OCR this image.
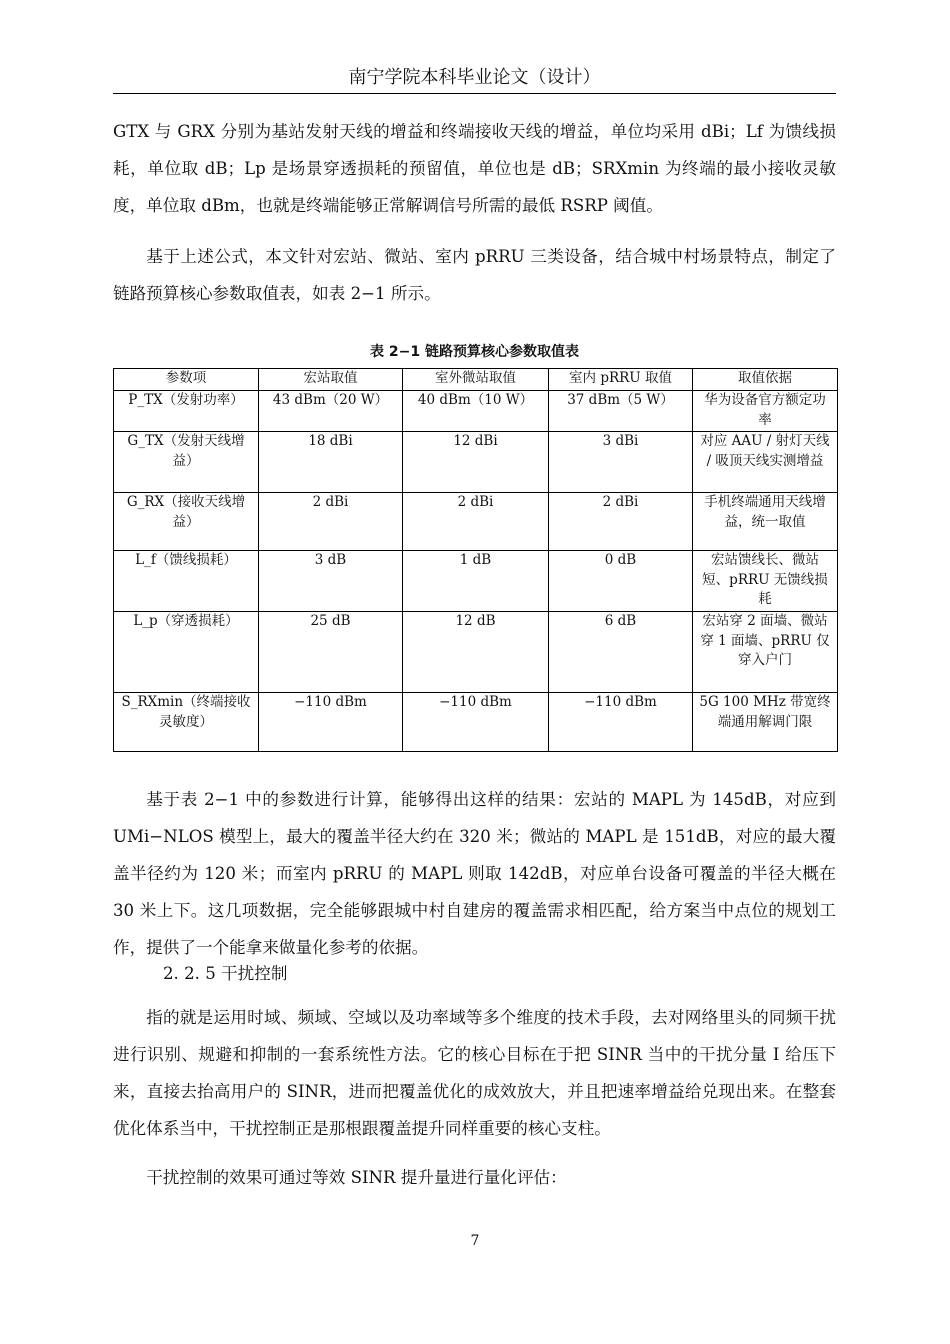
南宁学院本科毕业论文（设计）

GTX 与 GRX 分别为基站发射天线的增益和终端接收天线的增益，单位均采用 dBi；Lf 为馈线损耗，单位取 dB；Lp 是场景穿透损耗的预留值，单位也是 dB；SRXmin 为终端的最小接收灵敏度，单位取 dBm，也就是终端能够正常解调信号所需的最低 RSRP 阈值。

基于上述公式，本文针对宏站、微站、室内 pRRU 三类设备，结合城中村场景特点，制定了链路预算核心参数取值表，如表 2−1 所示。

表 2−1 链路预算核心参数取值表
参数项	宏站取值	室外微站取值	室内 pRRU 取值	取值依据
P_TX（发射功率）	43 dBm（20 W）	40 dBm（10 W）	37 dBm（5 W）	华为设备官方额定功率
G_TX（发射天线增益）	18 dBi	12 dBi	3 dBi	对应 AAU / 射灯天线 / 吸顶天线实测增益
G_RX（接收天线增益）	2 dBi	2 dBi	2 dBi	手机终端通用天线增益，统一取值
L_f（馈线损耗）	3 dB	1 dB	0 dB	宏站馈线长、微站短、pRRU 无馈线损耗
L_p（穿透损耗）	25 dB	12 dB	6 dB	宏站穿 2 面墙、微站穿 1 面墙、pRRU 仅穿入户门
S_RXmin（终端接收灵敏度）	−110 dBm	−110 dBm	−110 dBm	5G 100 MHz 带宽终端通用解调门限

基于表 2−1 中的参数进行计算，能够得出这样的结果：宏站的 MAPL 为 145dB，对应到 UMi−NLOS 模型上，最大的覆盖半径大约在 320 米；微站的 MAPL 是 151dB，对应的最大覆盖半径约为 120 米；而室内 pRRU 的 MAPL 则取 142dB，对应单台设备可覆盖的半径大概在 30 米上下。这几项数据，完全能够跟城中村自建房的覆盖需求相匹配，给方案当中点位的规划工作，提供了一个能拿来做量化参考的依据。

2. 2. 5 干扰控制

指的就是运用时域、频域、空域以及功率域等多个维度的技术手段，去对网络里头的同频干扰进行识别、规避和抑制的一套系统性方法。它的核心目标在于把 SINR 当中的干扰分量 I 给压下来，直接去抬高用户的 SINR，进而把覆盖优化的成效放大，并且把速率增益给兑现出来。在整套优化体系当中，干扰控制正是那根跟覆盖提升同样重要的核心支柱。

干扰控制的效果可通过等效 SINR 提升量进行量化评估：

7
